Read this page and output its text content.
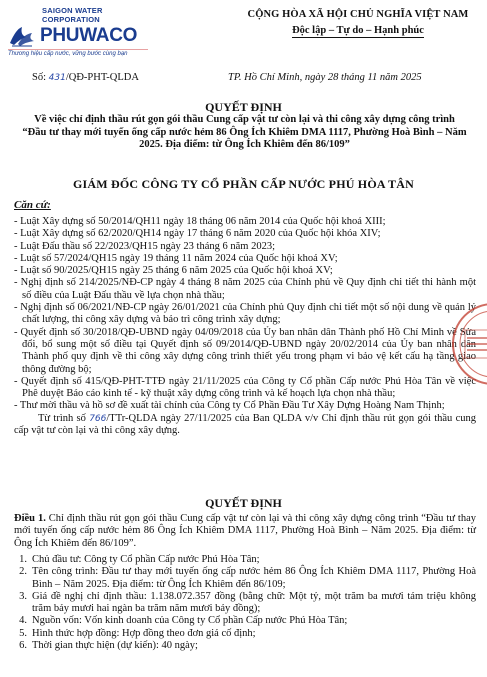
SAIGON WATER CORPORATION
PHUWACO
Thương hiệu cấp nước, vững bước cùng bạn
CỘNG HÒA XÃ HỘI CHỦ NGHĨA VIỆT NAM
Độc lập – Tự do – Hạnh phúc
Số: 431/QĐ-PHT-QLDA	TP. Hồ Chí Minh, ngày 28 tháng 11 năm 2025
QUYẾT ĐỊNH
Về việc chỉ định thầu rút gọn gói thầu Cung cấp vật tư còn lại và thi công xây dựng công trình “Đầu tư thay mới tuyến ống cấp nước hẻm 86 Ông Ích Khiêm DMA 1117, Phường Hoà Bình – Năm 2025. Địa điểm: từ Ông Ích Khiêm đến 86/109”
GIÁM ĐỐC CÔNG TY CỔ PHẦN CẤP NƯỚC PHÚ HÒA TÂN
Căn cứ:
- Luật Xây dựng số 50/2014/QH11 ngày 18 tháng 06 năm 2014 của Quốc hội khoá XIII;
- Luật Xây dựng số 62/2020/QH14 ngày 17 tháng 6 năm 2020 của Quốc hội khóa XIV;
- Luật Đấu thầu số 22/2023/QH15 ngày 23 tháng 6 năm 2023;
- Luật số 57/2024/QH15 ngày 19 tháng 11 năm 2024 của Quốc hội khoá XV;
- Luật số 90/2025/QH15 ngày 25 tháng 6 năm 2025 của Quốc hội khoá XV;
- Nghị định số 214/2025/NĐ-CP ngày 4 tháng 8 năm 2025 của Chính phủ về Quy định chi tiết thi hành một số điều của Luật Đấu thầu về lựa chọn nhà thầu;
- Nghị định số 06/2021/NĐ-CP ngày 26/01/2021 của Chính phủ Quy định chi tiết một số nội dung về quản lý chất lượng, thi công xây dựng và bảo trì công trình xây dựng;
- Quyết định số 30/2018/QĐ-UBND ngày 04/09/2018 của Ủy ban nhân dân Thành phố Hồ Chí Minh về Sửa đổi, bổ sung một số điều tại Quyết định số 09/2014/QĐ-UBND ngày 20/02/2014 của Ủy ban nhân dân Thành phố quy định về thi công xây dựng công trình thiết yếu trong phạm vi bảo vệ kết cấu hạ tầng giao thông đường bộ;
- Quyết định số 415/QĐ-PHT-TTĐ ngày 21/11/2025 của Công ty Cổ phần Cấp nước Phú Hòa Tân về việc Phê duyệt Báo cáo kinh tế - kỹ thuật xây dựng công trình và kế hoạch lựa chọn nhà thầu;
- Thư mời thầu và hồ sơ đề xuất tài chính của Công ty Cổ Phần Đầu Tư Xây Dựng Hoàng Nam Thịnh;
Từ trình số 766/TTr-QLDA ngày 27/11/2025 của Ban QLDA v/v Chỉ định thầu rút gọn gói thầu cung cấp vật tư còn lại và thi công xây dựng.
QUYẾT ĐỊNH
Điều 1. Chỉ định thầu rút gọn gói thầu Cung cấp vật tư còn lại và thi công xây dựng công trình “Đầu tư thay mới tuyến ống cấp nước hẻm 86 Ông Ích Khiêm DMA 1117, Phường Hoà Bình – Năm 2025. Địa điểm: từ Ông Ích Khiêm đến 86/109”.
1. Chủ đầu tư: Công ty Cổ phần Cấp nước Phú Hòa Tân;
2. Tên công trình: Đầu tư thay mới tuyến ống cấp nước hẻm 86 Ông Ích Khiêm DMA 1117, Phường Hoà Bình – Năm 2025. Địa điểm: từ Ông Ích Khiêm đến 86/109;
3. Giá đề nghị chỉ định thầu: 1.138.072.357 đồng (bằng chữ: Một tỷ, một trăm ba mươi tám triệu không trăm bảy mươi hai ngàn ba trăm năm mươi bảy đồng);
4. Nguồn vốn: Vốn kinh doanh của Công ty Cổ phần Cấp nước Phú Hòa Tân;
5. Hình thức hợp đồng: Hợp đồng theo đơn giá cố định;
6. Thời gian thực hiện (dự kiến): 40 ngày;
